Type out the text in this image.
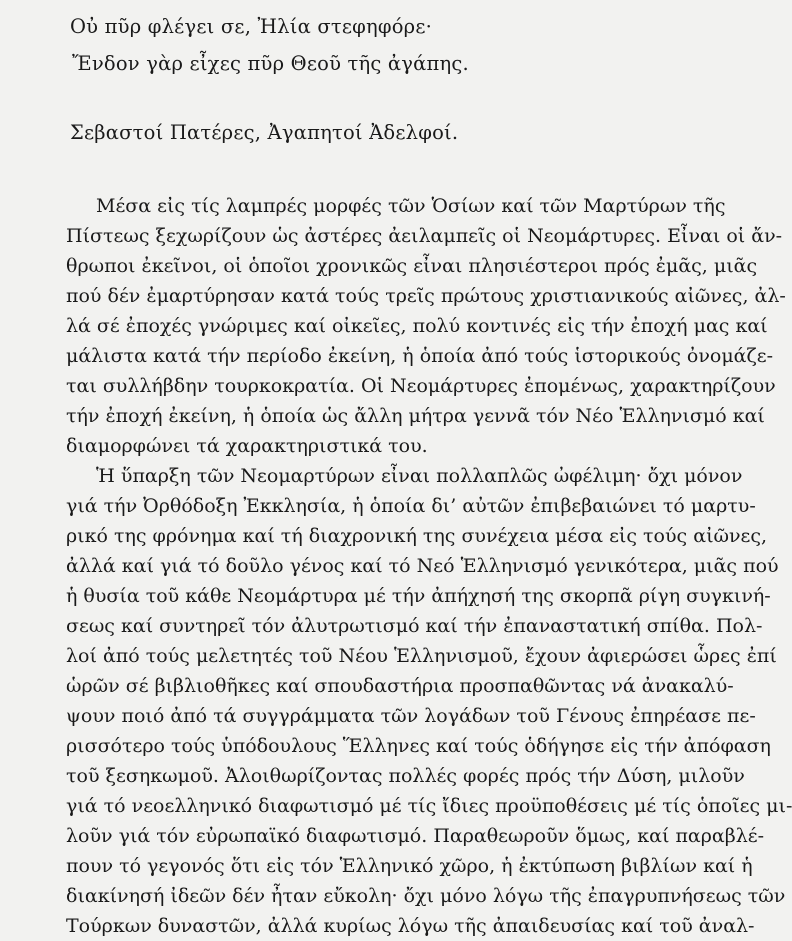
Οὐ πῦρ φλέγει σε, Ἠλία στεφηφόρε·
Ἔνδον γὰρ εἶχες πῦρ Θεοῦ τῆς ἀγάπης.
Σεβαστοί Πατέρες, Ἀγαπητοί Ἀδελφοί.
Μέσα εἰς τίς λαμπρές μορφές τῶν Ὁσίων καί τῶν Μαρτύρων τῆς
Πίστεως ξεχωρίζουν ὡς ἀστέρες ἀειλαμπεῖς οἱ Νεομάρτυρες. Εἶναι οἱ ἄν-
θρωποι ἐκεῖνοι, οἱ ὁποῖοι χρονικῶς εἶναι πλησιέστεροι πρός ἐμᾶς, μιᾶς
πού δέν ἐμαρτύρησαν κατά τούς τρεῖς πρώτους χριστιανικούς αἰῶνες, ἀλ-
λά σέ ἐποχές γνώριμες καί οἰκεῖες, πολύ κοντινές εἰς τήν ἐποχή μας καί
μάλιστα κατά τήν περίοδο ἐκείνη, ἡ ὁποία ἀπό τούς ἱστορικούς ὀνομάζε-
ται συλλήβδην τουρκοκρατία. Οἱ Νεομάρτυρες ἐπομένως, χαρακτηρίζουν
τήν ἐποχή ἐκείνη, ἡ ὁποία ὡς ἄλλη μήτρα γεννᾶ τόν Νέο Ἑλληνισμό καί
διαμορφώνει τά χαρακτηριστικά του.
Ἡ ὕπαρξη τῶν Νεομαρτύρων εἶναι πολλαπλῶς ὠφέλιμη· ὄχι μόνον
γιά τήν Ὀρθόδοξη Ἐκκλησία, ἡ ὁποία δι’ αὐτῶν ἐπιβεβαιώνει τό μαρτυ-
ρικό της φρόνημα καί τή διαχρονική της συνέχεια μέσα εἰς τούς αἰῶνες,
ἀλλά καί γιά τό δοῦλο γένος καί τό Νεό Ἑλληνισμό γενικότερα, μιᾶς πού
ἡ θυσία τοῦ κάθε Νεομάρτυρα μέ τήν ἀπήχησή της σκορπᾶ ρίγη συγκινή-
σεως καί συντηρεῖ τόν ἀλυτρωτισμό καί τήν ἐπαναστατική σπίθα. Πολ-
λοί ἀπό τούς μελετητές τοῦ Νέου Ἑλληνισμοῦ, ἔχουν ἀφιερώσει ὧρες ἐπί
ὡρῶν σέ βιβλιοθῆκες καί σπουδαστήρια προσπαθῶντας νά ἀνακαλύ-
ψουν ποιό ἀπό τά συγγράμματα τῶν λογάδων τοῦ Γένους ἐπηρέασε πε-
ρισσότερο τούς ὑπόδουλους Ἕλληνες καί τούς ὁδήγησε εἰς τήν ἀπόφαση
τοῦ ξεσηκωμοῦ. Ἀλοιθωρίζοντας πολλές φορές πρός τήν Δύση, μιλοῦν
γιά τό νεοελληνικό διαφωτισμό μέ τίς ἴδιες προϋποθέσεις μέ τίς ὁποῖες μι-
λοῦν γιά τόν εὐρωπαϊκό διαφωτισμό. Παραθεωροῦν ὅμως, καί παραβλέ-
πουν τό γεγονός ὅτι εἰς τόν Ἑλληνικό χῶρο, ἡ ἐκτύπωση βιβλίων καί ἡ
διακίνησή ἰδεῶν δέν ἦταν εὔκολη· ὄχι μόνο λόγω τῆς ἐπαγρυπνήσεως τῶν
Τούρκων δυναστῶν, ἀλλά κυρίως λόγω τῆς ἀπαιδευσίας καί τοῦ ἀναλ-
